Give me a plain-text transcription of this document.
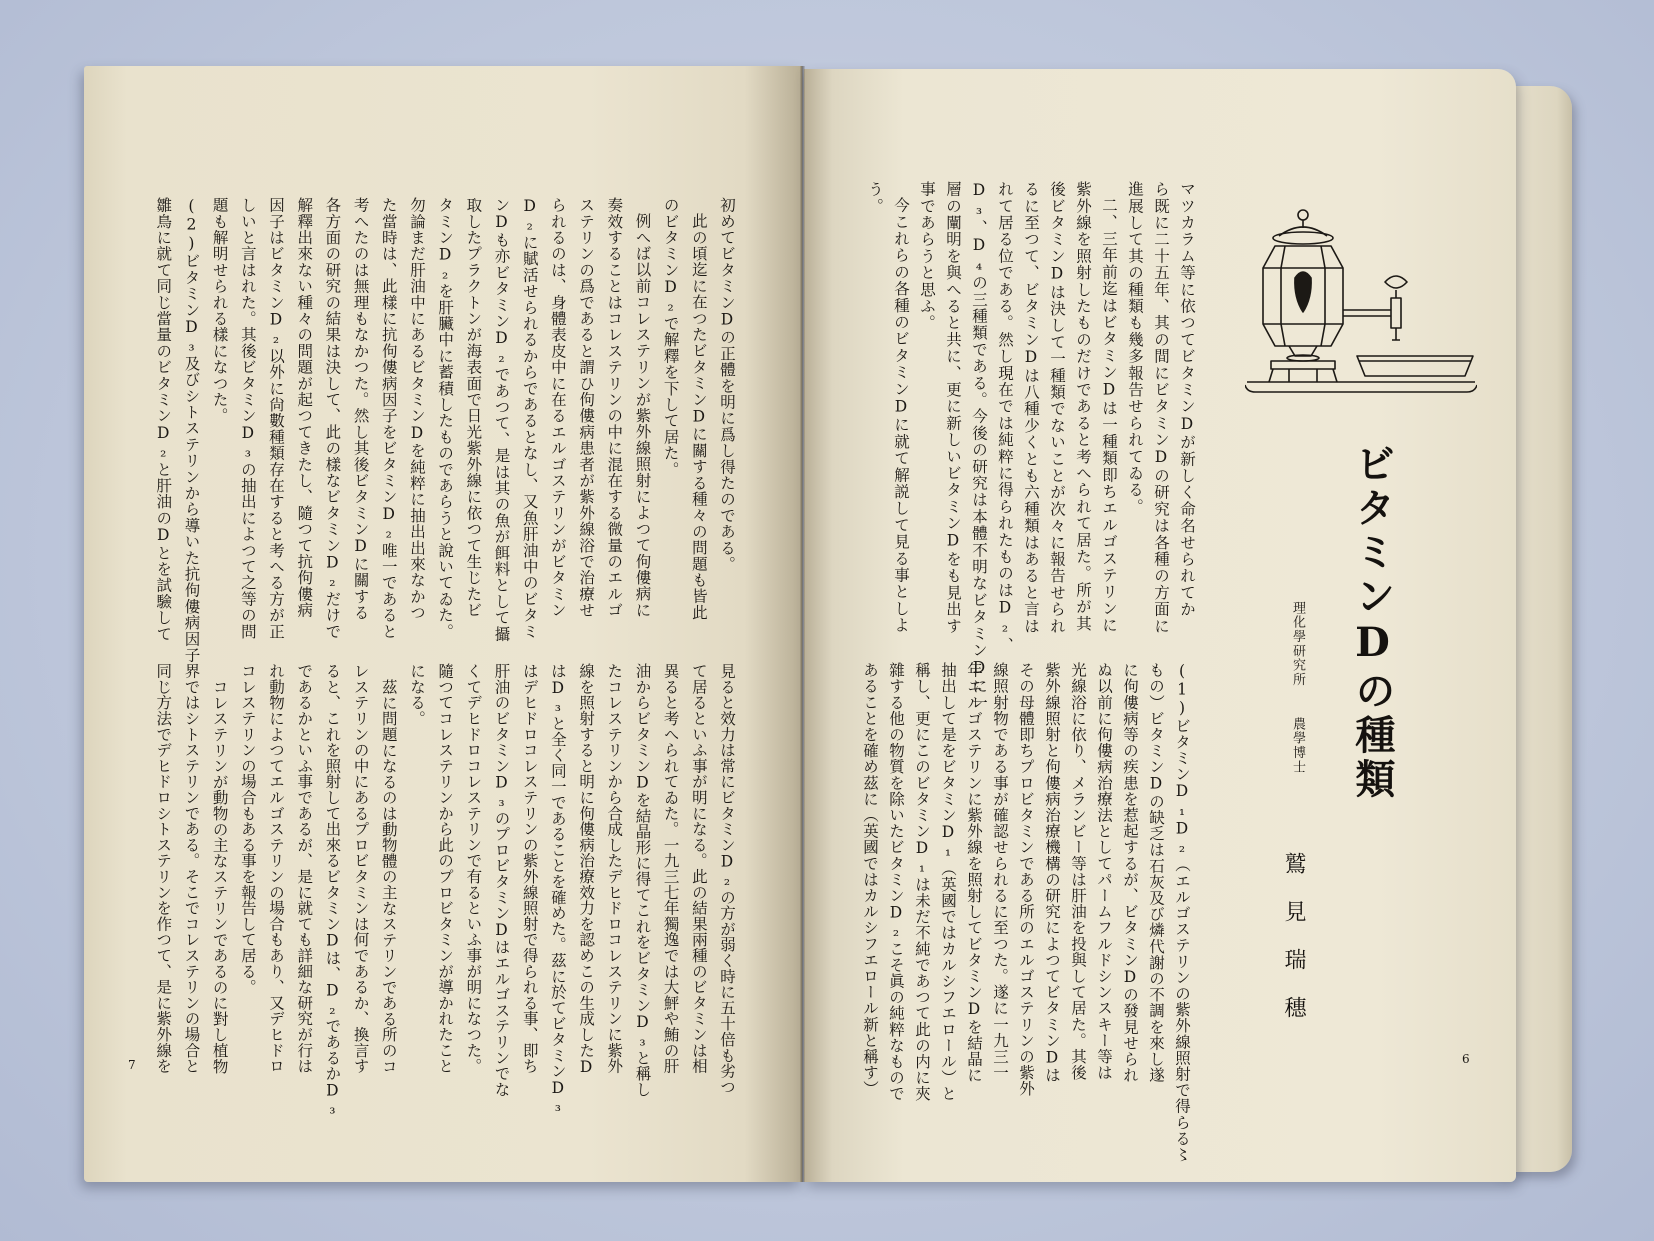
ビタミンDの種類
理化學研究所
農學博士
鷲見瑞穗
マツカラム等に依つてビタミンDが新しく命名せられてか
ら既に二十五年、其の間にビタミンDの研究は各種の方面に
進展して其の種類も幾多報告せられてゐる。
二、三年前迄はビタミンDは一種類即ちエルゴステリンに
紫外線を照射したものだけであると考へられて居た。所が其
後ビタミンDは決して一種類でないことが次々に報告せられ
るに至つて、ビタミンDは八種少くとも六種類はあると言は
れて居る位である。然し現在では純粹に得られたものはD₂、
D₃、D₄の三種類である。今後の研究は本體不明なビタミンDに一
層の闡明を與へると共に、更に新しいビタミンDをも見出す
事であらうと思ふ。
今これらの各種のビタミンDに就て解説して見る事としよ
う。
(1)ビタミンD₁D₂（エルゴステリンの紫外線照射で得らる〻
もの）ビタミンDの缺乏は石灰及び燐代謝の不調を來し遂
に佝僂病等の疾患を惹起するが、ビタミンDの發見せられ
ぬ以前に佝僂病治療法としてパームフルドシンスキー等は
光線浴に依り、メランビー等は肝油を投與して居た。其後
紫外線照射と佝僂病治療機構の研究によつてビタミンDは
その母體即ちプロビタミンである所のエルゴステリンの紫外
線照射物である事が確認せられるに至つた。遂に一九三一
年エルゴステリンに紫外線を照射してビタミンDを結晶に
抽出して是をビタミンD₁（英國ではカルシフエロール）と
稱し、更にこのビタミンD₁は未だ不純であつて此の内に夾
雜する他の物質を除いたビタミンD₂こそ眞の純粹なもので
あることを確め茲に（英國ではカルシフエロール新と稱す）	6
初めてビタミンDの正體を明に爲し得たのである。
此の頃迄に在つたビタミンDに關する種々の問題も皆此
のビタミンD₂で解釋を下して居た。
例へば以前コレステリンが紫外線照射によつて佝僂病に
奏效することはコレステリンの中に混在する微量のエルゴ
ステリンの爲であると謂ひ佝僂病患者が紫外線浴で治療せ
られるのは、身體表皮中に在るエルゴステリンがビタミン
D₂に賦活せられるからであるとなし、又魚肝油中のビタミ
ンDも亦ビタミンD₂であつて、是は其の魚が餌料として攝
取したプラクトンが海表面で日光紫外線に依つて生じたビ
タミンD₂を肝臟中に蓄積したものであらうと說いてゐた。
勿論まだ肝油中にあるビタミンDを純粹に抽出出來なかつ
た當時は、此樣に抗佝僂病因子をビタミンD₂唯一であると
考へたのは無理もなかつた。然し其後ビタミンDに關する
各方面の研究の結果は決して、此の樣なビタミンD₂だけで
解釋出來ない種々の問題が起つてきたし、隨つて抗佝僂病
因子はビタミンD₂以外に尙數種類存在すると考へる方が正
しいと言はれた。其後ビタミンD₃の抽出によつて之等の問
題も解明せられる樣になつた。
(2)ビタミンD₃及びシトステリンから導いた抗佝僂病因子
雛鳥に就て同じ當量のビタミンD₂と肝油のDとを試驗して
見ると效力は常にビタミンD₂の方が弱く時に五十倍も劣つ
て居るといふ事が明になる。此の結果兩種のビタミンは相
異ると考へられてゐた。一九三七年獨逸では大鮃や鮪の肝
油からビタミンDを結晶形に得てこれをビタミンD₃と稱し
たコレステリンから合成したデヒドロコレステリンに紫外
線を照射すると明に佝僂病治療效力を認めこの生成したD
はD₃と全く同一であることを確めた。茲に於てビタミンD₃
はデヒドロコレステリンの紫外線照射で得られる事、即ち
肝油のビタミンD₃のプロビタミンDはエルゴステリンでな
くてデヒドロコレステリンで有るといふ事が明になつた。
隨つてコレステリンから此のプロビタミンが導かれたこと
になる。
茲に問題になるのは動物體の主なステリンである所のコ
レステリンの中にあるプロビタミンは何であるか、換言す
ると、これを照射して出來るビタミンDは、D₂であるかD₃
であるかといふ事であるが、是に就ても詳細な研究が行は
れ動物によつてエルゴステリンの場合もあり、又デヒドロ
コレステリンの場合もある事を報告して居る。
コレステリンが動物の主なステリンであるのに對し植物
界ではシトステリンである。そこでコレステリンの場合と
同じ方法でデヒドロシトステリンを作つて、是に紫外線を
7
